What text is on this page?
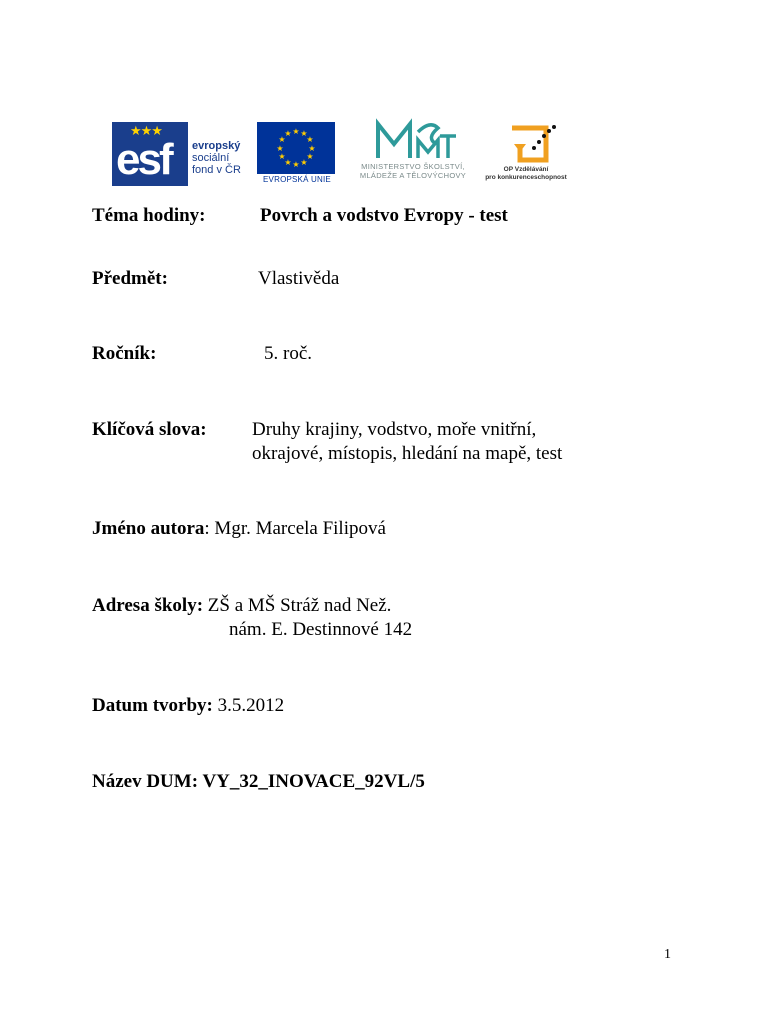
★★★
esf evropský
sociální
fond v ČR
★ ★
★
★
★
★
★
★
★
★
★
★
EVROPSKÁ UNIE
MINISTERSTVO ŠKOLSTVÍ,
MLÁDEŽE A TĚLOVÝCHOVY
OP Vzdělávání
pro konkurenceschopnost
Téma hodiny:	Povrch a vodstvo Evropy - test
Předmět:	Vlastivěda
Ročník:	5. roč.
Klíčová slova: Druhy krajiny, vodstvo, moře vnitřní,
okrajové, místopis, hledání na mapě, test
Jméno autora: Mgr. Marcela Filipová
Adresa školy: ZŠ a MŠ Stráž nad Než.
nám. E. Destinnové 142
Datum tvorby: 3.5.2012
Název DUM: VY_32_INOVACE_92VL/5
1
